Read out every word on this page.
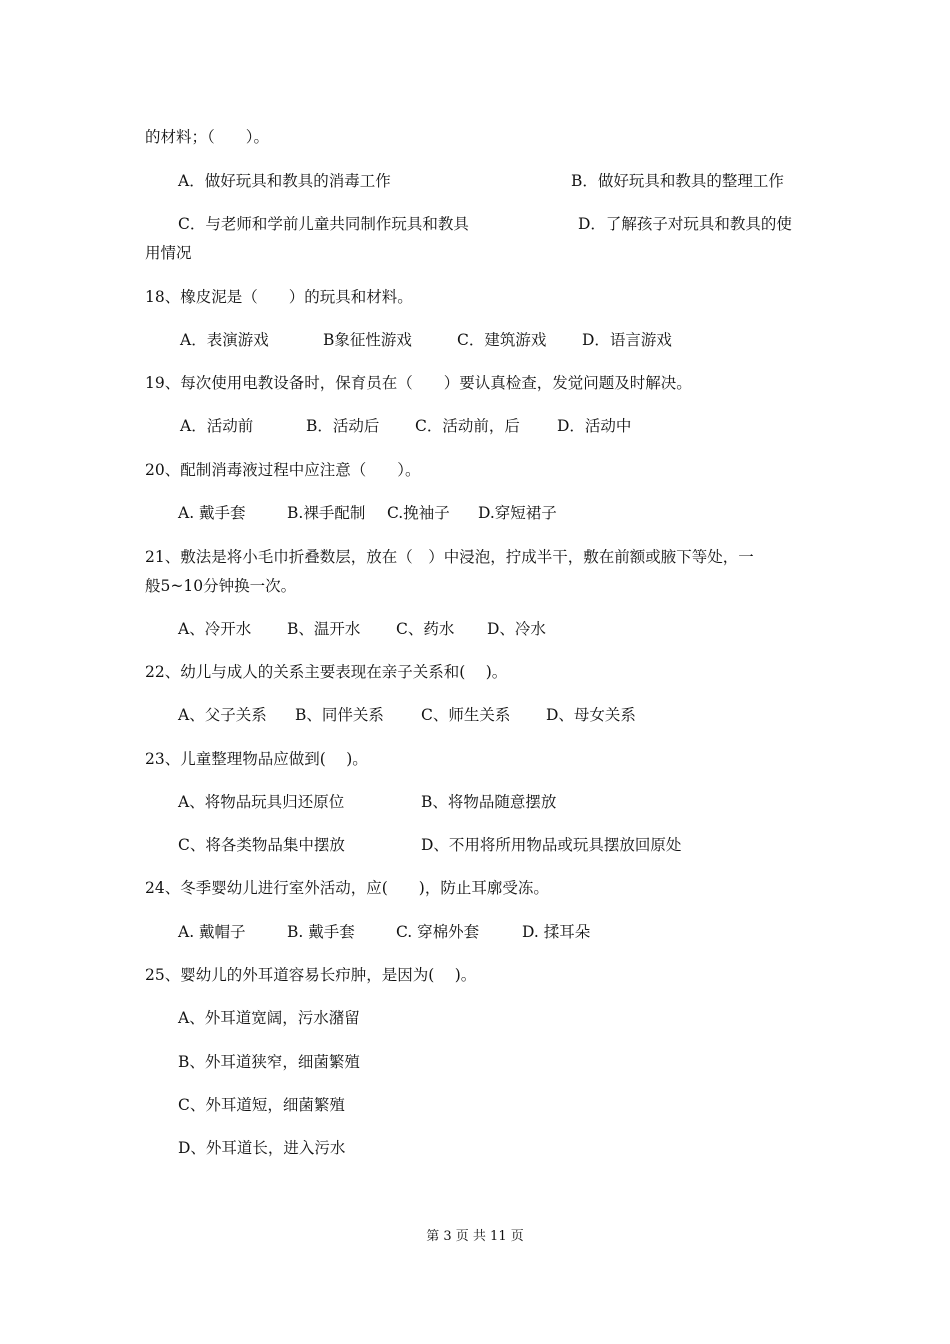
的材料；（　　）。
A．做好玩具和教具的消毒工作	B．做好玩具和教具的整理工作
C．与老师和学前儿童共同制作玩具和教具	D．了解孩子对玩具和教具的使
用情况
18、橡皮泥是（　　）的玩具和材料。
A．表演游戏	B象征性游戏	C．建筑游戏 D．语言游戏
19、每次使用电教设备时，保育员在（　　）要认真检查，发觉问题及时解决。
A．活动前	B．活动后 C．活动前，后 D．活动中
20、配制消毒液过程中应注意（　　）。
A. 戴手套	B.裸手配制 C.挽袖子 D.穿短裙子
21、敷法是将小毛巾折叠数层，放在（　）中浸泡，拧成半干，敷在前额或腋下等处，一
般5~10分钟换一次。
A、冷开水 B、温开水 C、药水 D、冷水
22、幼儿与成人的关系主要表现在亲子关系和(　 )。
A、父子关系 B、同伴关系 C、师生关系 D、母女关系
23、儿童整理物品应做到(　 )。
A、将物品玩具归还原位	B、将物品随意摆放
C、将各类物品集中摆放	D、不用将所用物品或玩具摆放回原处
24、冬季婴幼儿进行室外活动，应(　　)，防止耳廓受冻。
A. 戴帽子	B. 戴手套	C. 穿棉外套	D. 揉耳朵
25、婴幼儿的外耳道容易长疖肿，是因为(　 )。
A、外耳道宽阔，污水潴留
B、外耳道狭窄，细菌繁殖
C、外耳道短，细菌繁殖
D、外耳道长，进入污水
第 3 页 共 11 页
